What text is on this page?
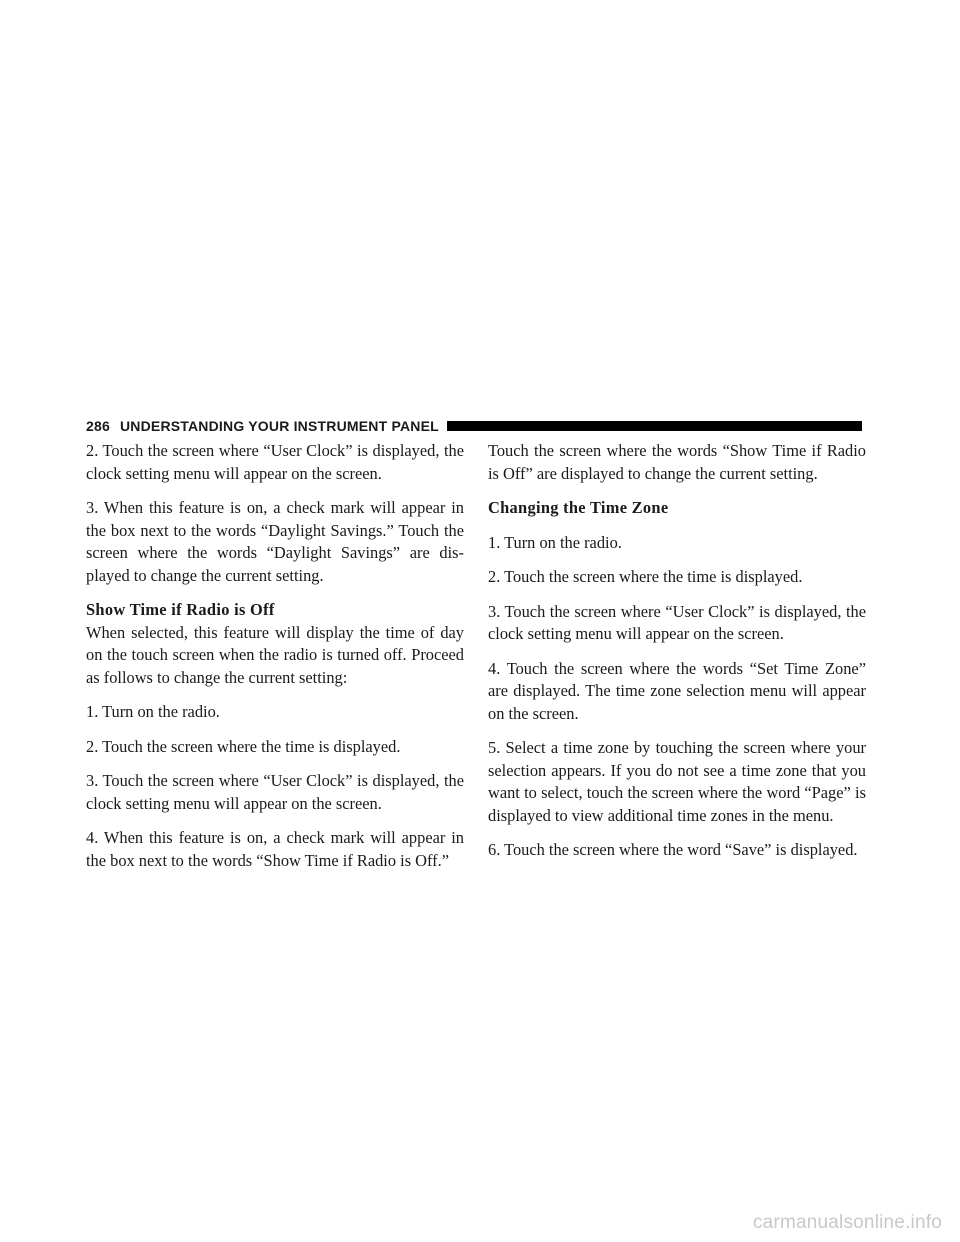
286 UNDERSTANDING YOUR INSTRUMENT PANEL

2. Touch the screen where “User Clock” is displayed, the clock setting menu will appear on the screen.

3. When this feature is on, a check mark will appear in the box next to the words “Daylight Savings.” Touch the screen where the words “Daylight Savings” are dis- played to change the current setting.

Show Time if Radio is Off

When selected, this feature will display the time of day on the touch screen when the radio is turned off. Proceed as follows to change the current setting:

1. Turn on the radio.

2. Touch the screen where the time is displayed.

3. Touch the screen where “User Clock” is displayed, the clock setting menu will appear on the screen.

4. When this feature is on, a check mark will appear in the box next to the words “Show Time if Radio is Off.”

Touch the screen where the words “Show Time if Radio is Off” are displayed to change the current setting.

Changing the Time Zone

1. Turn on the radio.

2. Touch the screen where the time is displayed.

3. Touch the screen where “User Clock” is displayed, the clock setting menu will appear on the screen.

4. Touch the screen where the words “Set Time Zone” are displayed. The time zone selection menu will appear on the screen.

5. Select a time zone by touching the screen where your selection appears. If you do not see a time zone that you want to select, touch the screen where the word “Page” is displayed to view additional time zones in the menu.

6. Touch the screen where the word “Save” is displayed.

carmanualsonline.info
